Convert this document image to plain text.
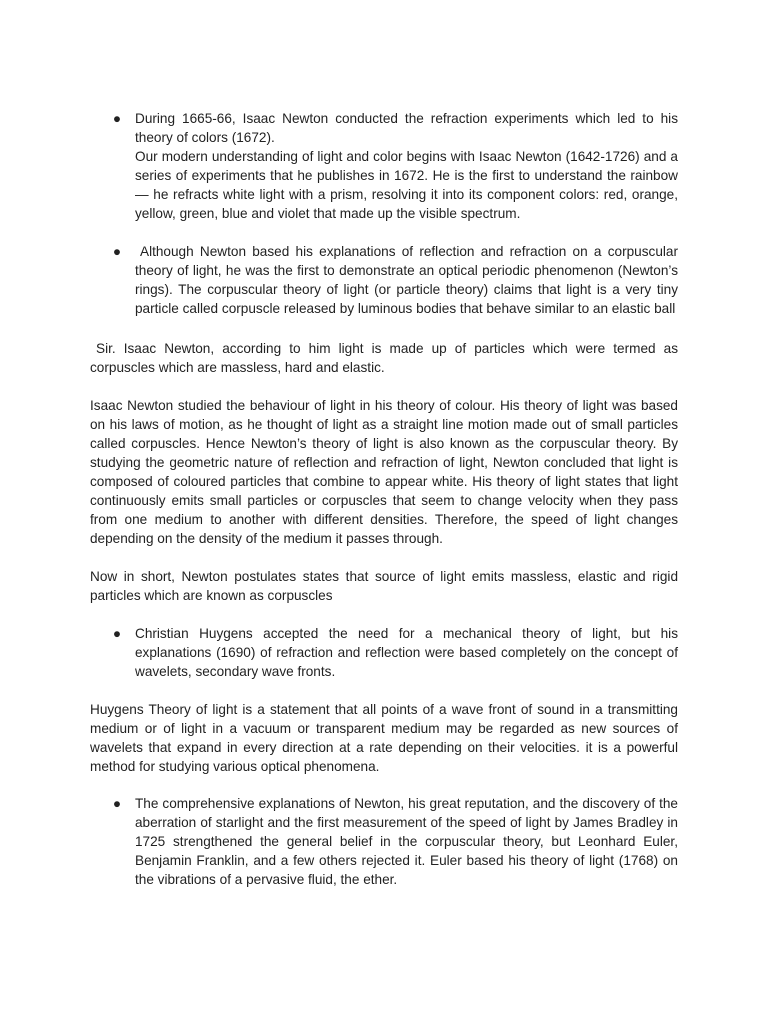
● During 1665-66, Isaac Newton conducted the refraction experiments which led to his theory of colors (1672).

Our modern understanding of light and color begins with Isaac Newton (1642-1726) and a series of experiments that he publishes in 1672. He is the first to understand the rainbow — he refracts white light with a prism, resolving it into its component colors: red, orange, yellow, green, blue and violet that made up the visible spectrum.

●	Although Newton based his explanations of reflection and refraction on a corpuscular theory of light, he was the first to demonstrate an optical periodic phenomenon (Newton’s rings). The corpuscular theory of light (or particle theory) claims that light is a very tiny particle called corpuscle released by luminous bodies that behave similar to an elastic ball

Sir. Isaac Newton, according to him light is made up of particles which were termed as corpuscles which are massless, hard and elastic.

Isaac Newton studied the behaviour of light in his theory of colour. His theory of light was based on his laws of motion, as he thought of light as a straight line motion made out of small particles called corpuscles. Hence Newton’s theory of light is also known as the corpuscular theory. By studying the geometric nature of reflection and refraction of light, Newton concluded that light is composed of coloured particles that combine to appear white. His theory of light states that light continuously emits small particles or corpuscles that seem to change velocity when they pass from one medium to another with different densities. Therefore, the speed of light changes depending on the density of the medium it passes through.

Now in short, Newton postulates states that source of light emits massless, elastic and rigid particles which are known as corpuscles

● Christian Huygens accepted the need for a mechanical theory of light, but his explanations (1690) of refraction and reflection were based completely on the concept of wavelets, secondary wave fronts.

Huygens Theory of light is a statement that all points of a wave front of sound in a transmitting medium or of light in a vacuum or transparent medium may be regarded as new sources of wavelets that expand in every direction at a rate depending on their velocities. it is a powerful method for studying various optical phenomena.

● The comprehensive explanations of Newton, his great reputation, and the discovery of the aberration of starlight and the first measurement of the speed of light by James Bradley in 1725 strengthened the general belief in the corpuscular theory, but Leonhard Euler, Benjamin Franklin, and a few others rejected it. Euler based his theory of light (1768) on the vibrations of a pervasive fluid, the ether.
